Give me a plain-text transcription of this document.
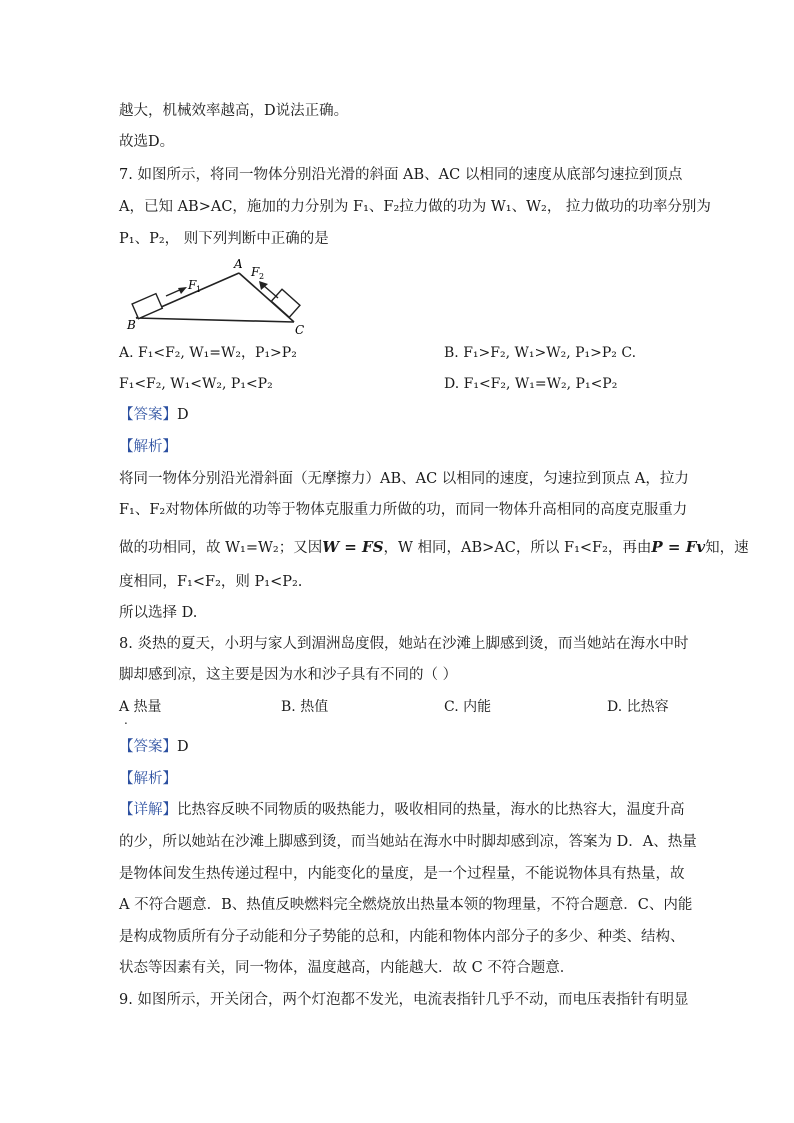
越大，机械效率越高，D说法正确。
故选D。
7. 如图所示，将同一物体分别沿光滑的斜面 AB、AC 以相同的速度从底部匀速拉到顶点
A，已知 AB>AC，施加的力分别为 F₁、F₂拉力做的功为 W₁、W₂， 拉力做功的功率分别为
P₁、P₂， 则下列判断中正确的是
A
B	C
F 1
F 2
A. F₁<F₂, W₁=W₂，P₁>P₂	B. F₁>F₂, W₁>W₂, P₁>P₂ C.
F₁<F₂, W₁<W₂, P₁<P₂	D. F₁<F₂, W₁=W₂, P₁<P₂
【答案】D
【解析】
将同一物体分别沿光滑斜面（无摩擦力）AB、AC 以相同的速度，匀速拉到顶点 A，拉力
F₁、F₂对物体所做的功等于物体克服重力所做的功，而同一物体升高相同的高度克服重力
做的功相同，故 W₁=W₂；又因W = FS，W 相同，AB>AC，所以 F₁<F₂，再由P = Fv知，速
度相同，F₁<F₂，则 P₁<P₂.
所以选择 D.
8. 炎热的夏天，小玥与家人到湄洲岛度假，她站在沙滩上脚感到烫，而当她站在海水中时
脚却感到凉，这主要是因为水和沙子具有不同的（ ）
A 热量	B. 热值	C. 内能	D. 比热容
.
【答案】D
【解析】
【详解】比热容反映不同物质的吸热能力，吸收相同的热量，海水的比热容大，温度升高
的少，所以她站在沙滩上脚感到烫，而当她站在海水中时脚却感到凉，答案为 D．A、热量
是物体间发生热传递过程中，内能变化的量度，是一个过程量，不能说物体具有热量，故
A 不符合题意．B、热值反映燃料完全燃烧放出热量本领的物理量，不符合题意．C、内能
是构成物质所有分子动能和分子势能的总和，内能和物体内部分子的多少、种类、结构、
状态等因素有关，同一物体，温度越高，内能越大．故 C 不符合题意．
9. 如图所示，开关闭合，两个灯泡都不发光，电流表指针几乎不动，而电压表指针有明显
